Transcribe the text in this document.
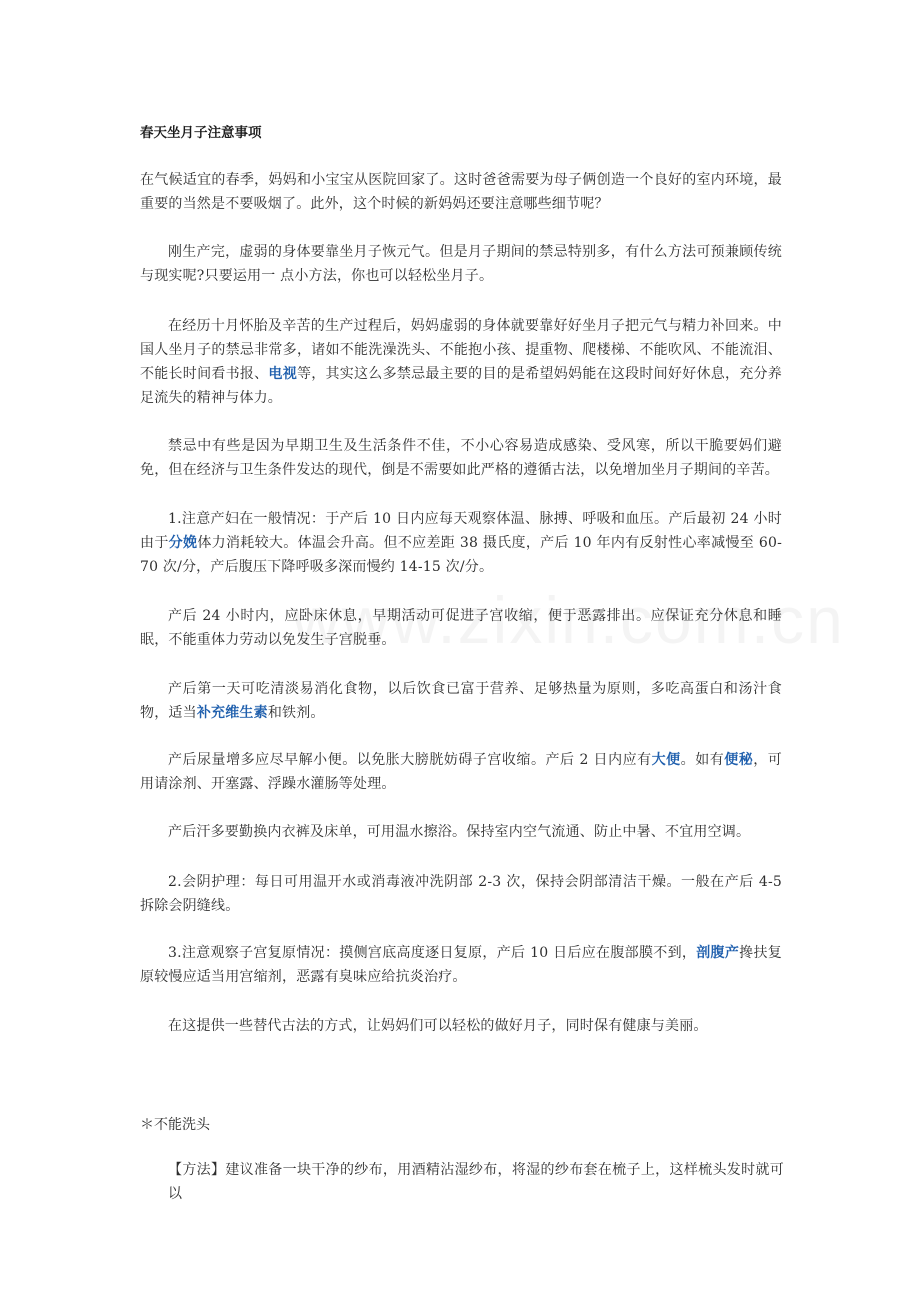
春天坐月子注意事项
在气候适宜的春季，妈妈和小宝宝从医院回家了。这时爸爸需要为母子俩创造一个良好的室内环境，最重要的当然是不要吸烟了。此外，这个时候的新妈妈还要注意哪些细节呢？
刚生产完，虚弱的身体要靠坐月子恢元气。但是月子期间的禁忌特别多，有什么方法可预兼顾传统与现实呢?只要运用一 点小方法，你也可以轻松坐月子。
在经历十月怀胎及辛苦的生产过程后，妈妈虚弱的身体就要靠好好坐月子把元气与精力补回来。中国人坐月子的禁忌非常多，诸如不能洗澡洗头、不能抱小孩、提重物、爬楼梯、不能吹风、不能流泪、不能长时间看书报、电视等，其实这么多禁忌最主要的目的是希望妈妈能在这段时间好好休息，充分养足流失的精神与体力。
禁忌中有些是因为早期卫生及生活条件不佳，不小心容易造成感染、受风寒，所以干脆要妈们避免，但在经济与卫生条件发达的现代，倒是不需要如此严格的遵循古法，以免增加坐月子期间的辛苦。
1.注意产妇在一般情况：于产后 10 日内应每天观察体温、脉搏、呼吸和血压。产后最初 24 小时由于分娩体力消耗较大。体温会升高。但不应差距 38 摄氏度，产后 10 年内有反射性心率减慢至 60-70 次/分，产后腹压下降呼吸多深而慢约 14-15 次/分。
产后 24 小时内，应卧床休息，早期活动可促进子宫收缩，便于恶露排出。应保证充分休息和睡眠，不能重体力劳动以免发生子宫脱垂。
产后第一天可吃清淡易消化食物，以后饮食已富于营养、足够热量为原则，多吃高蛋白和汤汁食物，适当补充维生素和铁剂。
产后尿量增多应尽早解小便。以免胀大膀胱妨碍子宫收缩。产后 2 日内应有大便。如有便秘，可用请涂剂、开塞露、浮躁水灌肠等处理。
产后汗多要勤换内衣裤及床单，可用温水擦浴。保持室内空气流通、防止中暑、不宜用空调。
2.会阴护理：每日可用温开水或消毒液冲洗阴部 2-3 次，保持会阴部清洁干燥。一般在产后 4-5 拆除会阴缝线。
3.注意观察子宫复原情况：摸侧宫底高度逐日复原，产后 10 日后应在腹部膜不到，剖腹产搀扶复原较慢应适当用宫缩剂，恶露有臭味应给抗炎治疗。
在这提供一些替代古法的方式，让妈妈们可以轻松的做好月子，同时保有健康与美丽。
＊不能洗头
【方法】建议准备一块干净的纱布，用酒精沾湿纱布，将湿的纱布套在梳子上，这样梳头发时就可以
